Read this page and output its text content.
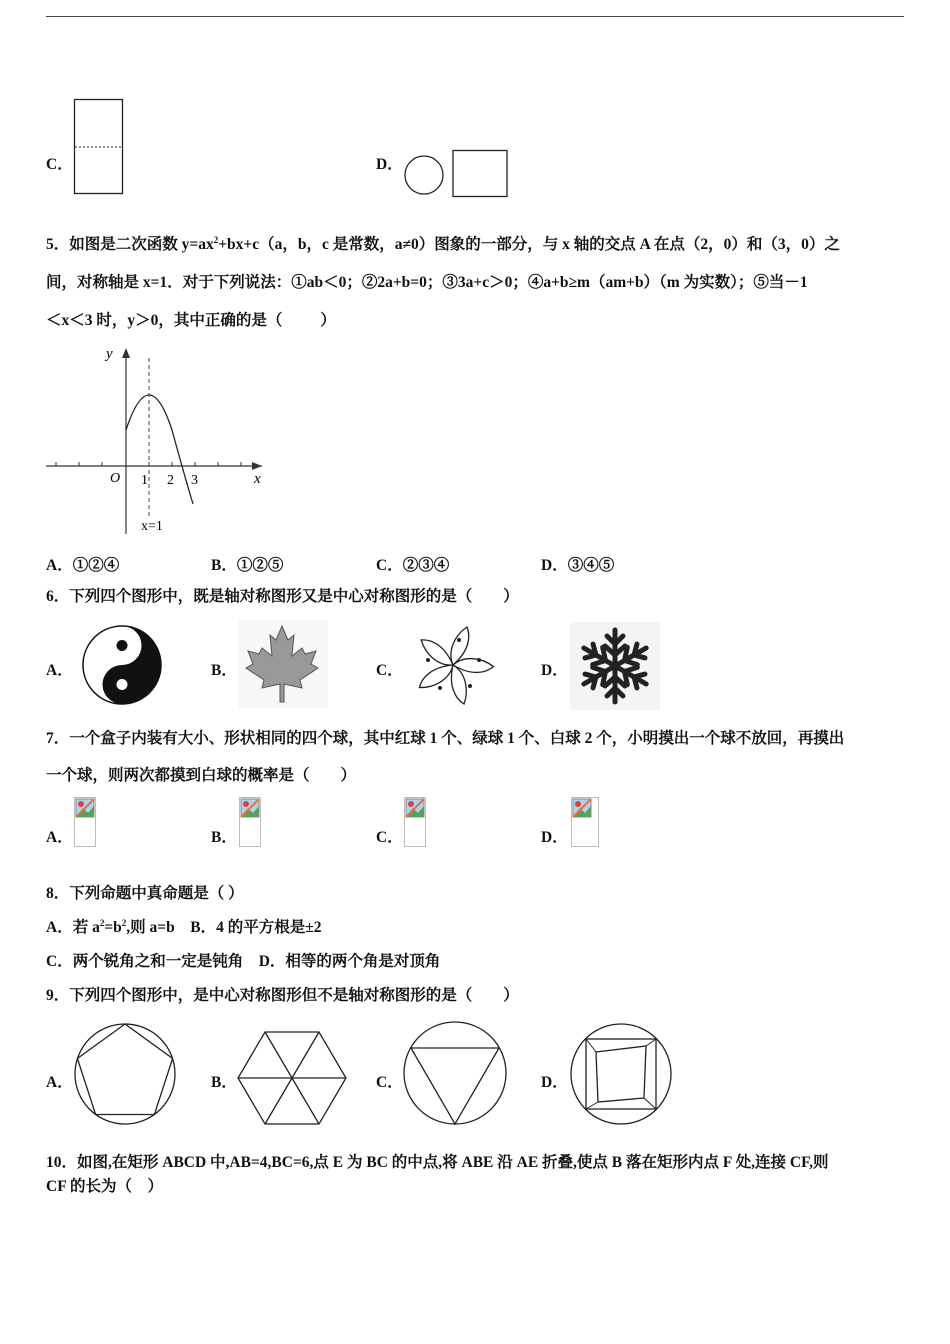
C．	D．
5．如图是二次函数 $y=ax^2+bx+c(a$，b，c 是常数，a≠0）图象的一部分，与 x 轴的交点 A 在点（2，0）和（3，0）之
间，对称轴是 x=1．对于下列说法：①ab＜0；②2a+b=0；③3a+c＞0；④a+b≥m（am+b）（m 为实数）；⑤当－1
＜x＜3 时，y＞0，其中正确的是（ ）
y
O 1 2 3	x
x=1
A．①②④	B．①②⑤	C．②③④	D．③④⑤
6．下列四个图形中，既是轴对称图形又是中心对称图形的是（　　）
A．	B．	C．	D．
7．一个盒子内装有大小、形状相同的四个球，其中红球 1 个、绿球 1 个、白球 2 个，小明摸出一个球不放回，再摸出
一个球，则两次都摸到白球的概率是（　　）
A．	B．	C．	D．
8．下列命题中真命题是（ ）
A．若 $a^2=b^2$,则 a=b　B．4 的平方根是±2
C．两个锐角之和一定是钝角　D．相等的两个角是对顶角
9．下列四个图形中，是中心对称图形但不是轴对称图形的是（　　）
A．	B．	C．	D．
10．如图,在矩形 ABCD 中,AB=4,BC=6,点 E 为 BC 的中点,将 ABE 沿 AE 折叠,使点 B 落在矩形内点 F 处,连接 CF,则
CF 的长为（　）
